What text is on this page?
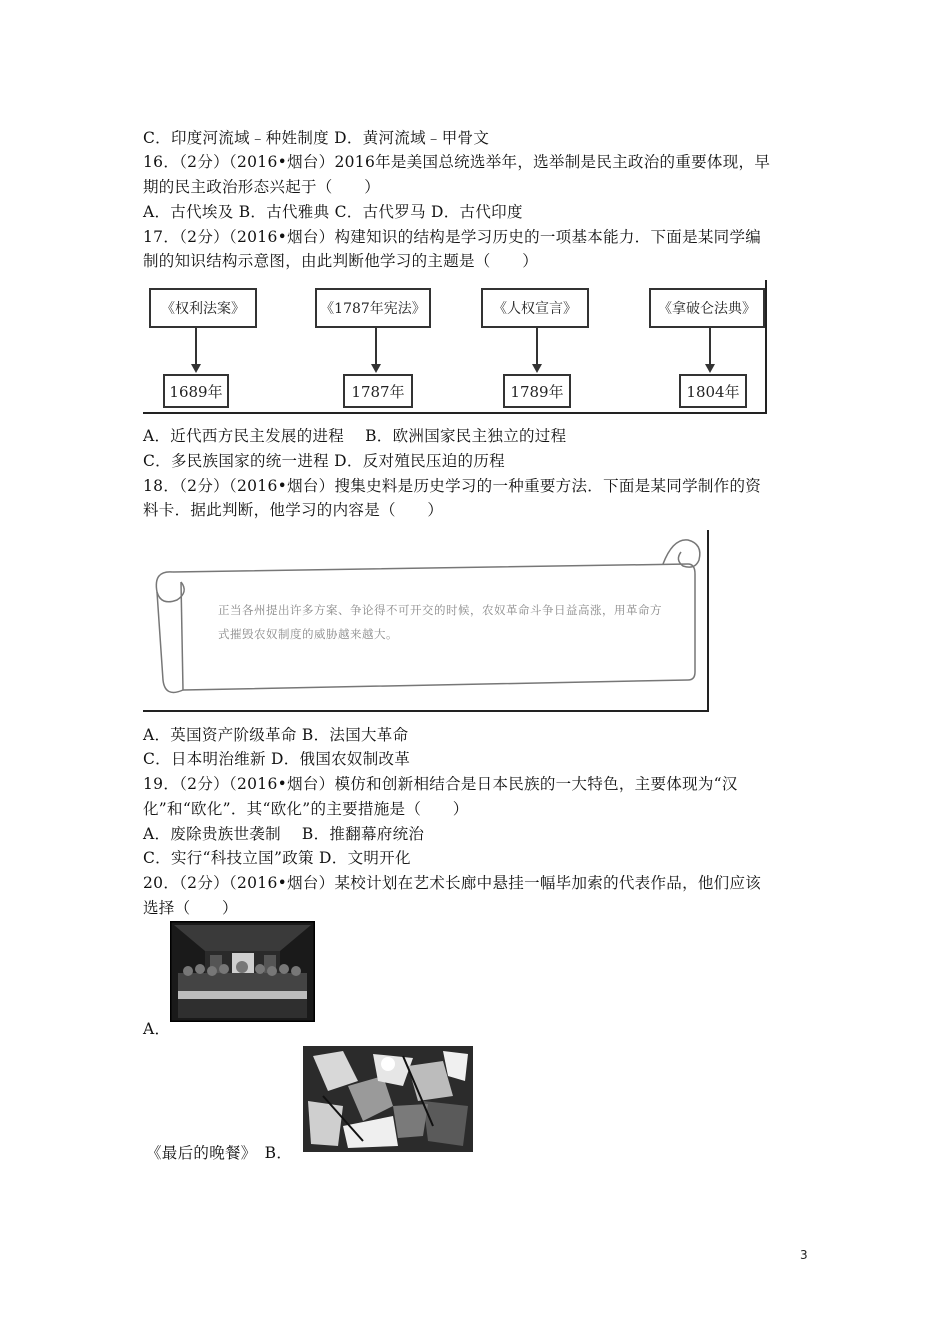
C．印度河流域﹣种姓制度 D．黄河流域﹣甲骨文
16．（2分）（2016•烟台）2016年是美国总统选举年，选举制是民主政治的重要体现，早
期的民主政治形态兴起于（　　）
A．古代埃及 B．古代雅典 C．古代罗马 D．古代印度
17．（2分）（2016•烟台）构建知识的结构是学习历史的一项基本能力．下面是某同学编
制的知识结构示意图，由此判断他学习的主题是（　　）
《权利法案》
1689年
《1787年宪法》
1787年
《人权宣言》
1789年
《拿破仑法典》
1804年
A．近代西方民主发展的进程　 B．欧洲国家民主独立的过程
C．多民族国家的统一进程 D．反对殖民压迫的历程
18．（2分）（2016•烟台）搜集史料是历史学习的一种重要方法．下面是某同学制作的资
料卡．据此判断，他学习的内容是（　　）
正当各州提出许多方案、争论得不可开交的时候，农奴革命斗争日益高涨，用革命方式摧毁农奴制度的威胁越来越大。
A．英国资产阶级革命 B．法国大革命
C．日本明治维新 D．俄国农奴制改革
19．（2分）（2016•烟台）模仿和创新相结合是日本民族的一大特色，主要体现为“汉
化”和“欧化”．其“欧化”的主要措施是（　　）
A．废除贵族世袭制　 B．推翻幕府统治
C．实行“科技立国”政策 D．文明开化
20．（2分）（2016•烟台）某校计划在艺术长廊中悬挂一幅毕加索的代表作品，他们应该
选择（　　）
A．
《最后的晚餐》　B．
3
